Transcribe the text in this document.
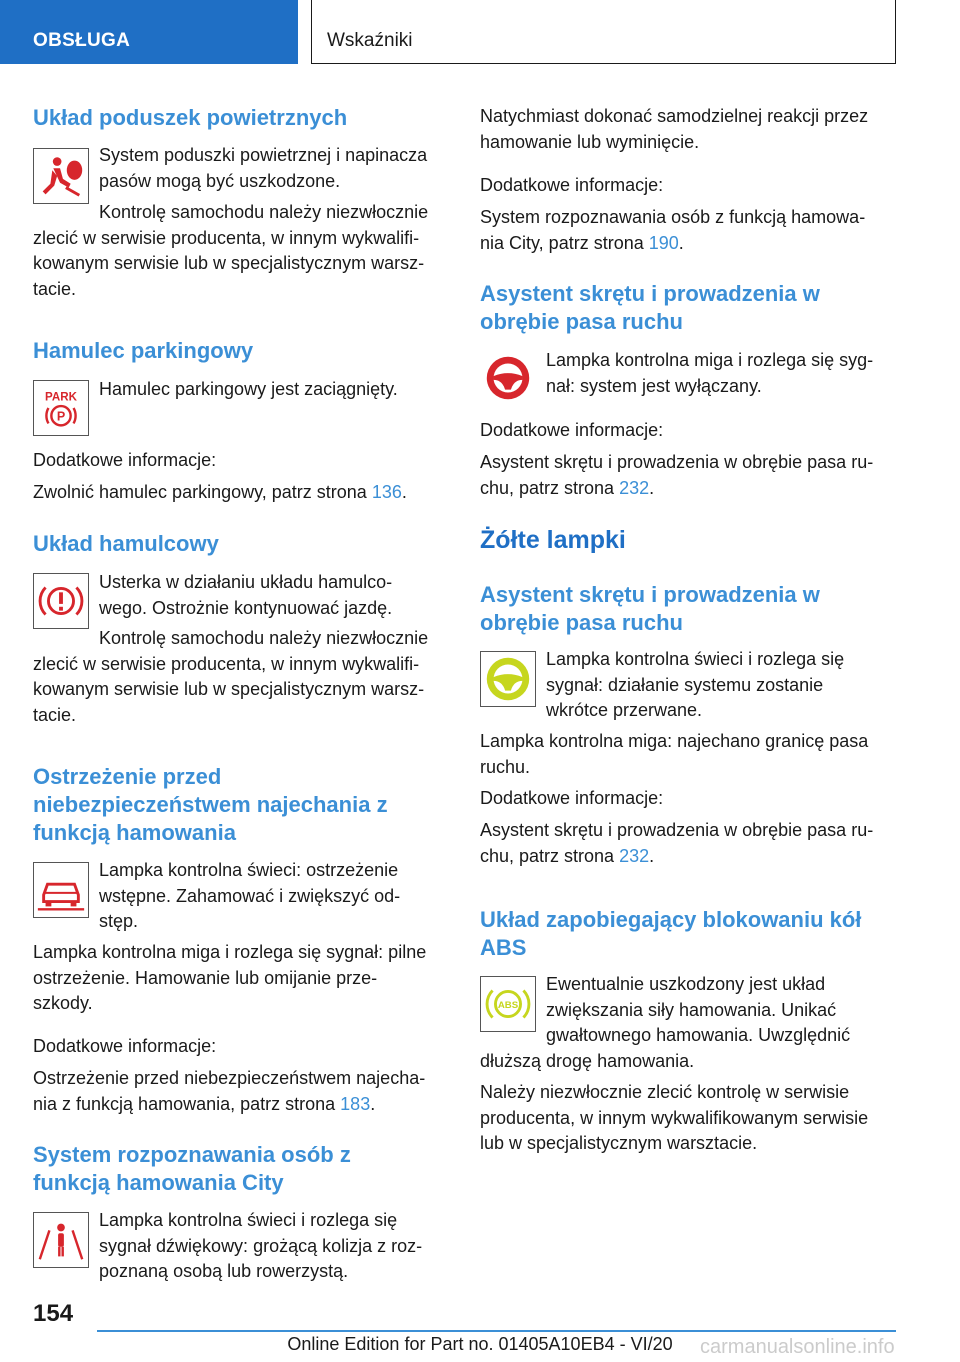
OBSŁUGA	Wskaźniki
Układ poduszek powietrznych
System poduszki powietrznej i napinacza
pasów mogą być uszkodzone.
Kontrolę samochodu należy niezwłocznie
zlecić w serwisie producenta, w innym wykwalifi‐
kowanym serwisie lub w specjalistycznym warsz‐
tacie.
Hamulec parkingowy
PARK
P
Hamulec parkingowy jest zaciągnięty.
Dodatkowe informacje:
Zwolnić hamulec parkingowy, patrz strona 136.
Układ hamulcowy
Usterka w działaniu układu hamulco‐
wego. Ostrożnie kontynuować jazdę.
Kontrolę samochodu należy niezwłocznie
zlecić w serwisie producenta, w innym wykwalifi‐
kowanym serwisie lub w specjalistycznym warsz‐
tacie.
Ostrzeżenie przed
niebezpieczeństwem najechania z
funkcją hamowania
Lampka kontrolna świeci: ostrzeżenie
wstępne. Zahamować i zwiększyć od‐
stęp.
Lampka kontrolna miga i rozlega się sygnał: pilne
ostrzeżenie. Hamowanie lub omijanie prze‐
szkody.
Dodatkowe informacje:
Ostrzeżenie przed niebezpieczeństwem najecha‐
nia z funkcją hamowania, patrz strona 183.
System rozpoznawania osób z
funkcją hamowania City
Lampka kontrolna świeci i rozlega się
sygnał dźwiękowy: grożącą kolizja z roz‐
poznaną osobą lub rowerzystą.
Natychmiast dokonać samodzielnej reakcji przez
hamowanie lub wyminięcie.
Dodatkowe informacje:
System rozpoznawania osób z funkcją hamowa‐
nia City, patrz strona 190.
Asystent skrętu i prowadzenia w
obrębie pasa ruchu
Lampka kontrolna miga i rozlega się syg‐
nał: system jest wyłączany.
Dodatkowe informacje:
Asystent skrętu i prowadzenia w obrębie pasa ru‐
chu, patrz strona 232.
Żółte lampki
Asystent skrętu i prowadzenia w
obrębie pasa ruchu
Lampka kontrolna świeci i rozlega się
sygnał: działanie systemu zostanie
wkrótce przerwane.
Lampka kontrolna miga: najechano granicę pasa
ruchu.
Dodatkowe informacje:
Asystent skrętu i prowadzenia w obrębie pasa ru‐
chu, patrz strona 232.
Układ zapobiegający blokowaniu kół
ABS
ABS
Ewentualnie uszkodzony jest układ
zwiększania siły hamowania. Unikać
gwałtownego hamowania. Uwzględnić
dłuższą drogę hamowania.
Należy niezwłocznie zlecić kontrolę w serwisie
producenta, w innym wykwalifikowanym serwisie
lub w specjalistycznym warsztacie.
154
Online Edition for Part no. 01405A10EB4 - VI/20	carmanualsonline.info
